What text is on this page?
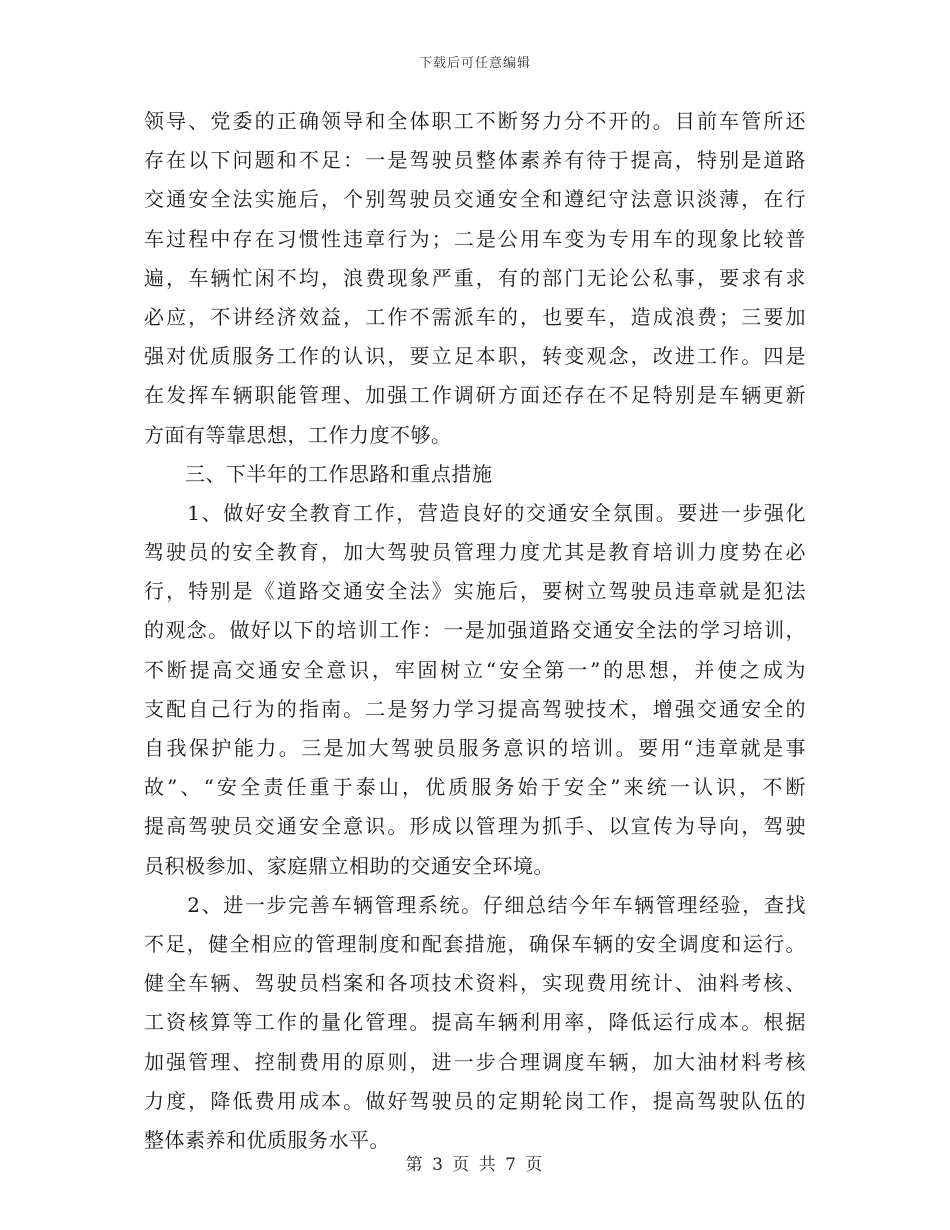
下载后可任意编辑
领导、党委的正确领导和全体职工不断努力分不开的。目前车管所还
存在以下问题和不足：一是驾驶员整体素养有待于提高，特别是道路
交通安全法实施后，个别驾驶员交通安全和遵纪守法意识淡薄，在行
车过程中存在习惯性违章行为；二是公用车变为专用车的现象比较普
遍，车辆忙闲不均，浪费现象严重，有的部门无论公私事，要求有求
必应，不讲经济效益，工作不需派车的，也要车，造成浪费；三要加
强对优质服务工作的认识，要立足本职，转变观念，改进工作。四是
在发挥车辆职能管理、加强工作调研方面还存在不足特别是车辆更新
方面有等靠思想，工作力度不够。
　　三、下半年的工作思路和重点措施
　　1、做好安全教育工作，营造良好的交通安全氛围。要进一步强化
驾驶员的安全教育，加大驾驶员管理力度尤其是教育培训力度势在必
行，特别是《道路交通安全法》实施后，要树立驾驶员违章就是犯法
的观念。做好以下的培训工作：一是加强道路交通安全法的学习培训，
不断提高交通安全意识，牢固树立“安全第一”的思想，并使之成为
支配自己行为的指南。二是努力学习提高驾驶技术，增强交通安全的
自我保护能力。三是加大驾驶员服务意识的培训。要用“违章就是事
故”、“安全责任重于泰山，优质服务始于安全”来统一认识，不断
提高驾驶员交通安全意识。形成以管理为抓手、以宣传为导向，驾驶
员积极参加、家庭鼎立相助的交通安全环境。
　　2、进一步完善车辆管理系统。仔细总结今年车辆管理经验，查找
不足，健全相应的管理制度和配套措施，确保车辆的安全调度和运行。
健全车辆、驾驶员档案和各项技术资料，实现费用统计、油料考核、
工资核算等工作的量化管理。提高车辆利用率，降低运行成本。根据
加强管理、控制费用的原则，进一步合理调度车辆，加大油材料考核
力度，降低费用成本。做好驾驶员的定期轮岗工作，提高驾驶队伍的
整体素养和优质服务水平。
第 3 页 共 7 页
